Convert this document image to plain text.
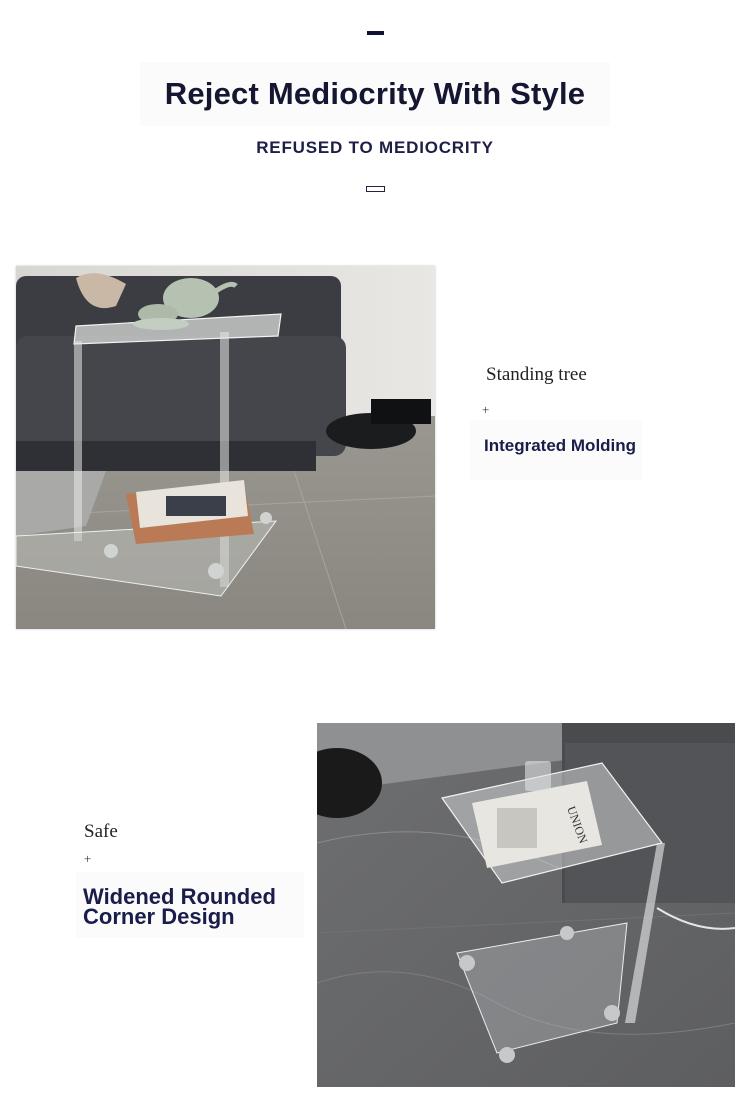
Reject Mediocrity With Style
REFUSED TO MEDIOCRITY
Standing tree
+
Integrated Molding
Safe
+
Widened Rounded Corner Design
UNION
